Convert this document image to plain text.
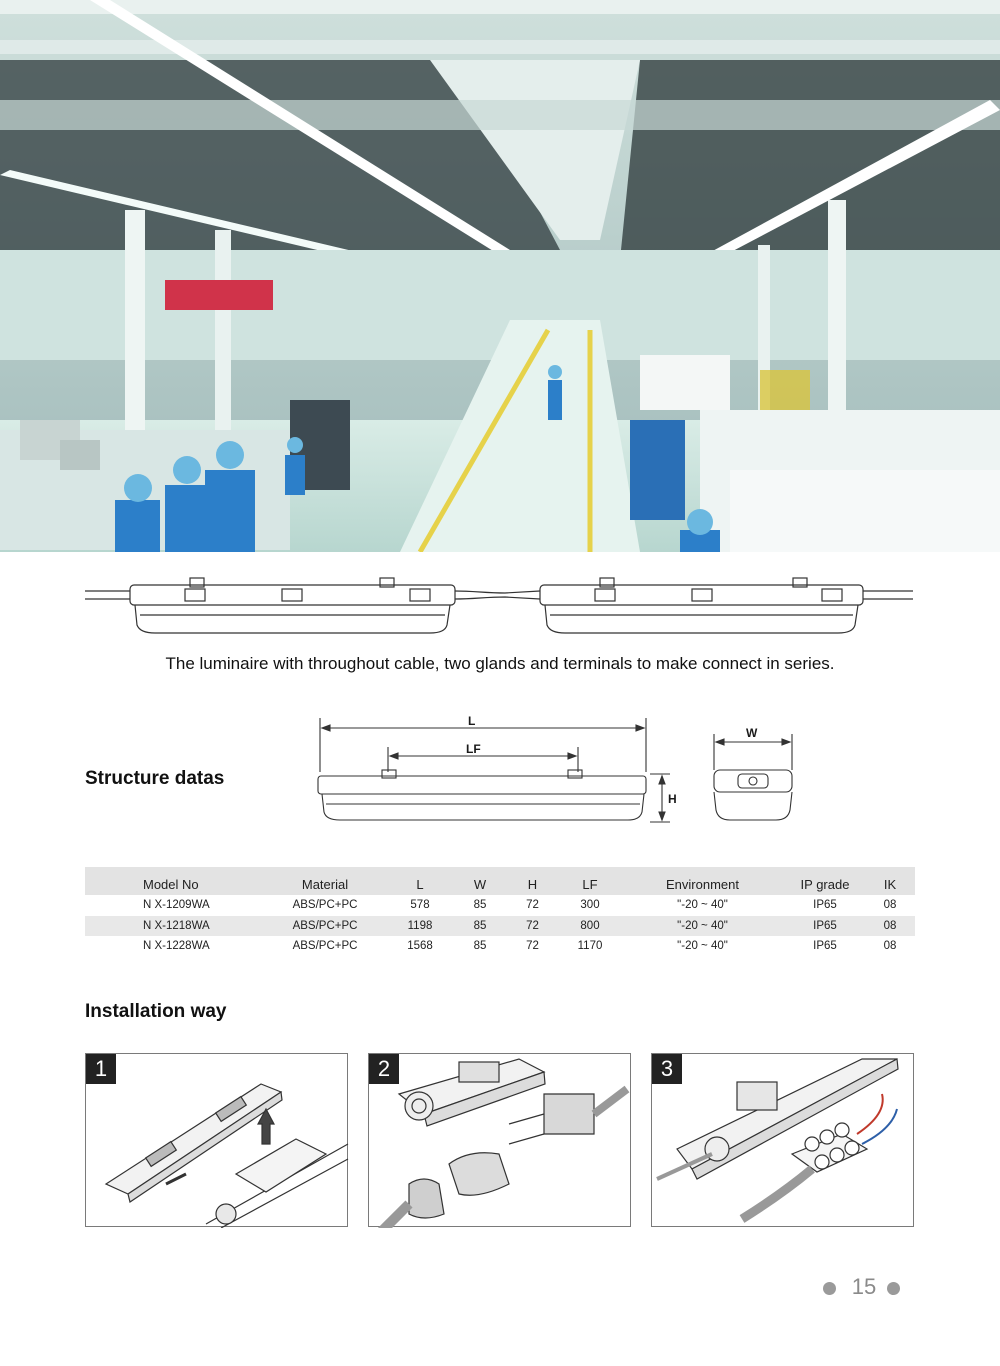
The luminaire with throughout cable, two glands and terminals to make connect in series.
Structure datas
L
LF
H
W
Model No	Material	L	W	H	LF	Environment	IP grade	IK
N X-1209WA	ABS/PC+PC	578	85	72	300	"-20 ~ 40"	IP65	08
N X-1218WA	ABS/PC+PC	1198	85	72	800	"-20 ~ 40"	IP65	08
N X-1228WA	ABS/PC+PC	1568	85	72	1170	"-20 ~ 40"	IP65	08
Installation way
1	2	3
15
